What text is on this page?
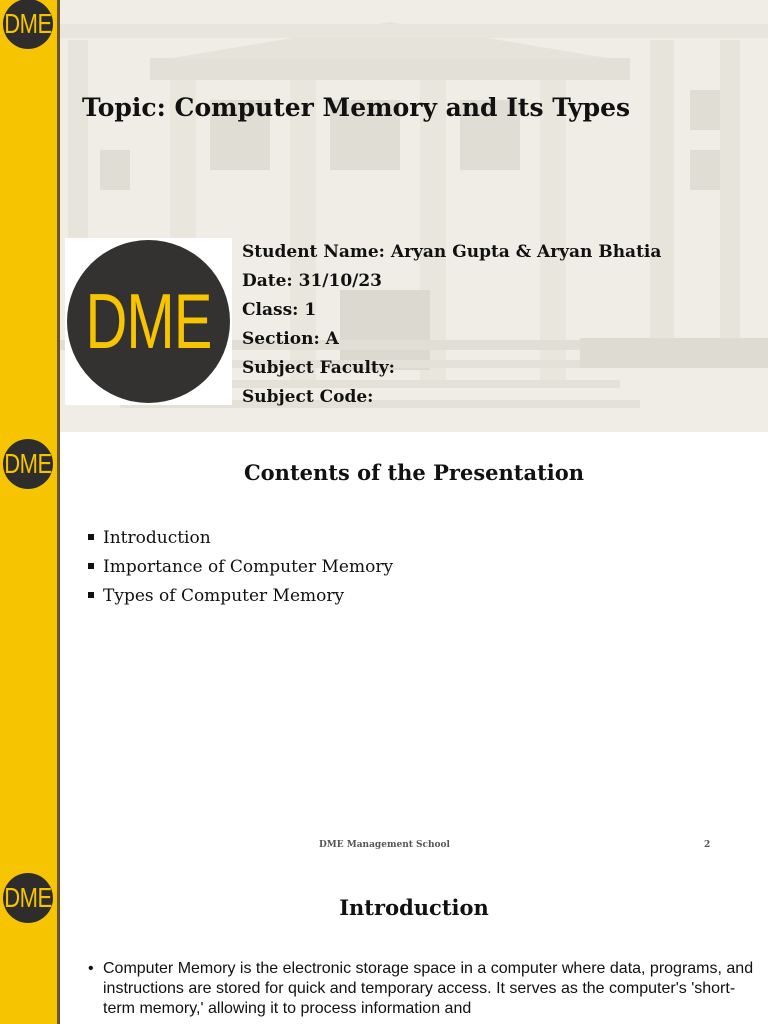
DME
Topic: Computer Memory and Its Types
DME
Student Name: Aryan Gupta & Aryan Bhatia
Date: 31/10/23
Class: 1
Section: A
Subject Faculty:
Subject Code:
DME	Contents of the Presentation
Introduction
Importance of Computer Memory
Types of Computer Memory
DME Management School	2
DME	Introduction
• Computer Memory is the electronic storage space in a computer where data, programs, and instructions are stored for quick and temporary access. It serves as the computer's 'short-term memory,' allowing it to process information and
